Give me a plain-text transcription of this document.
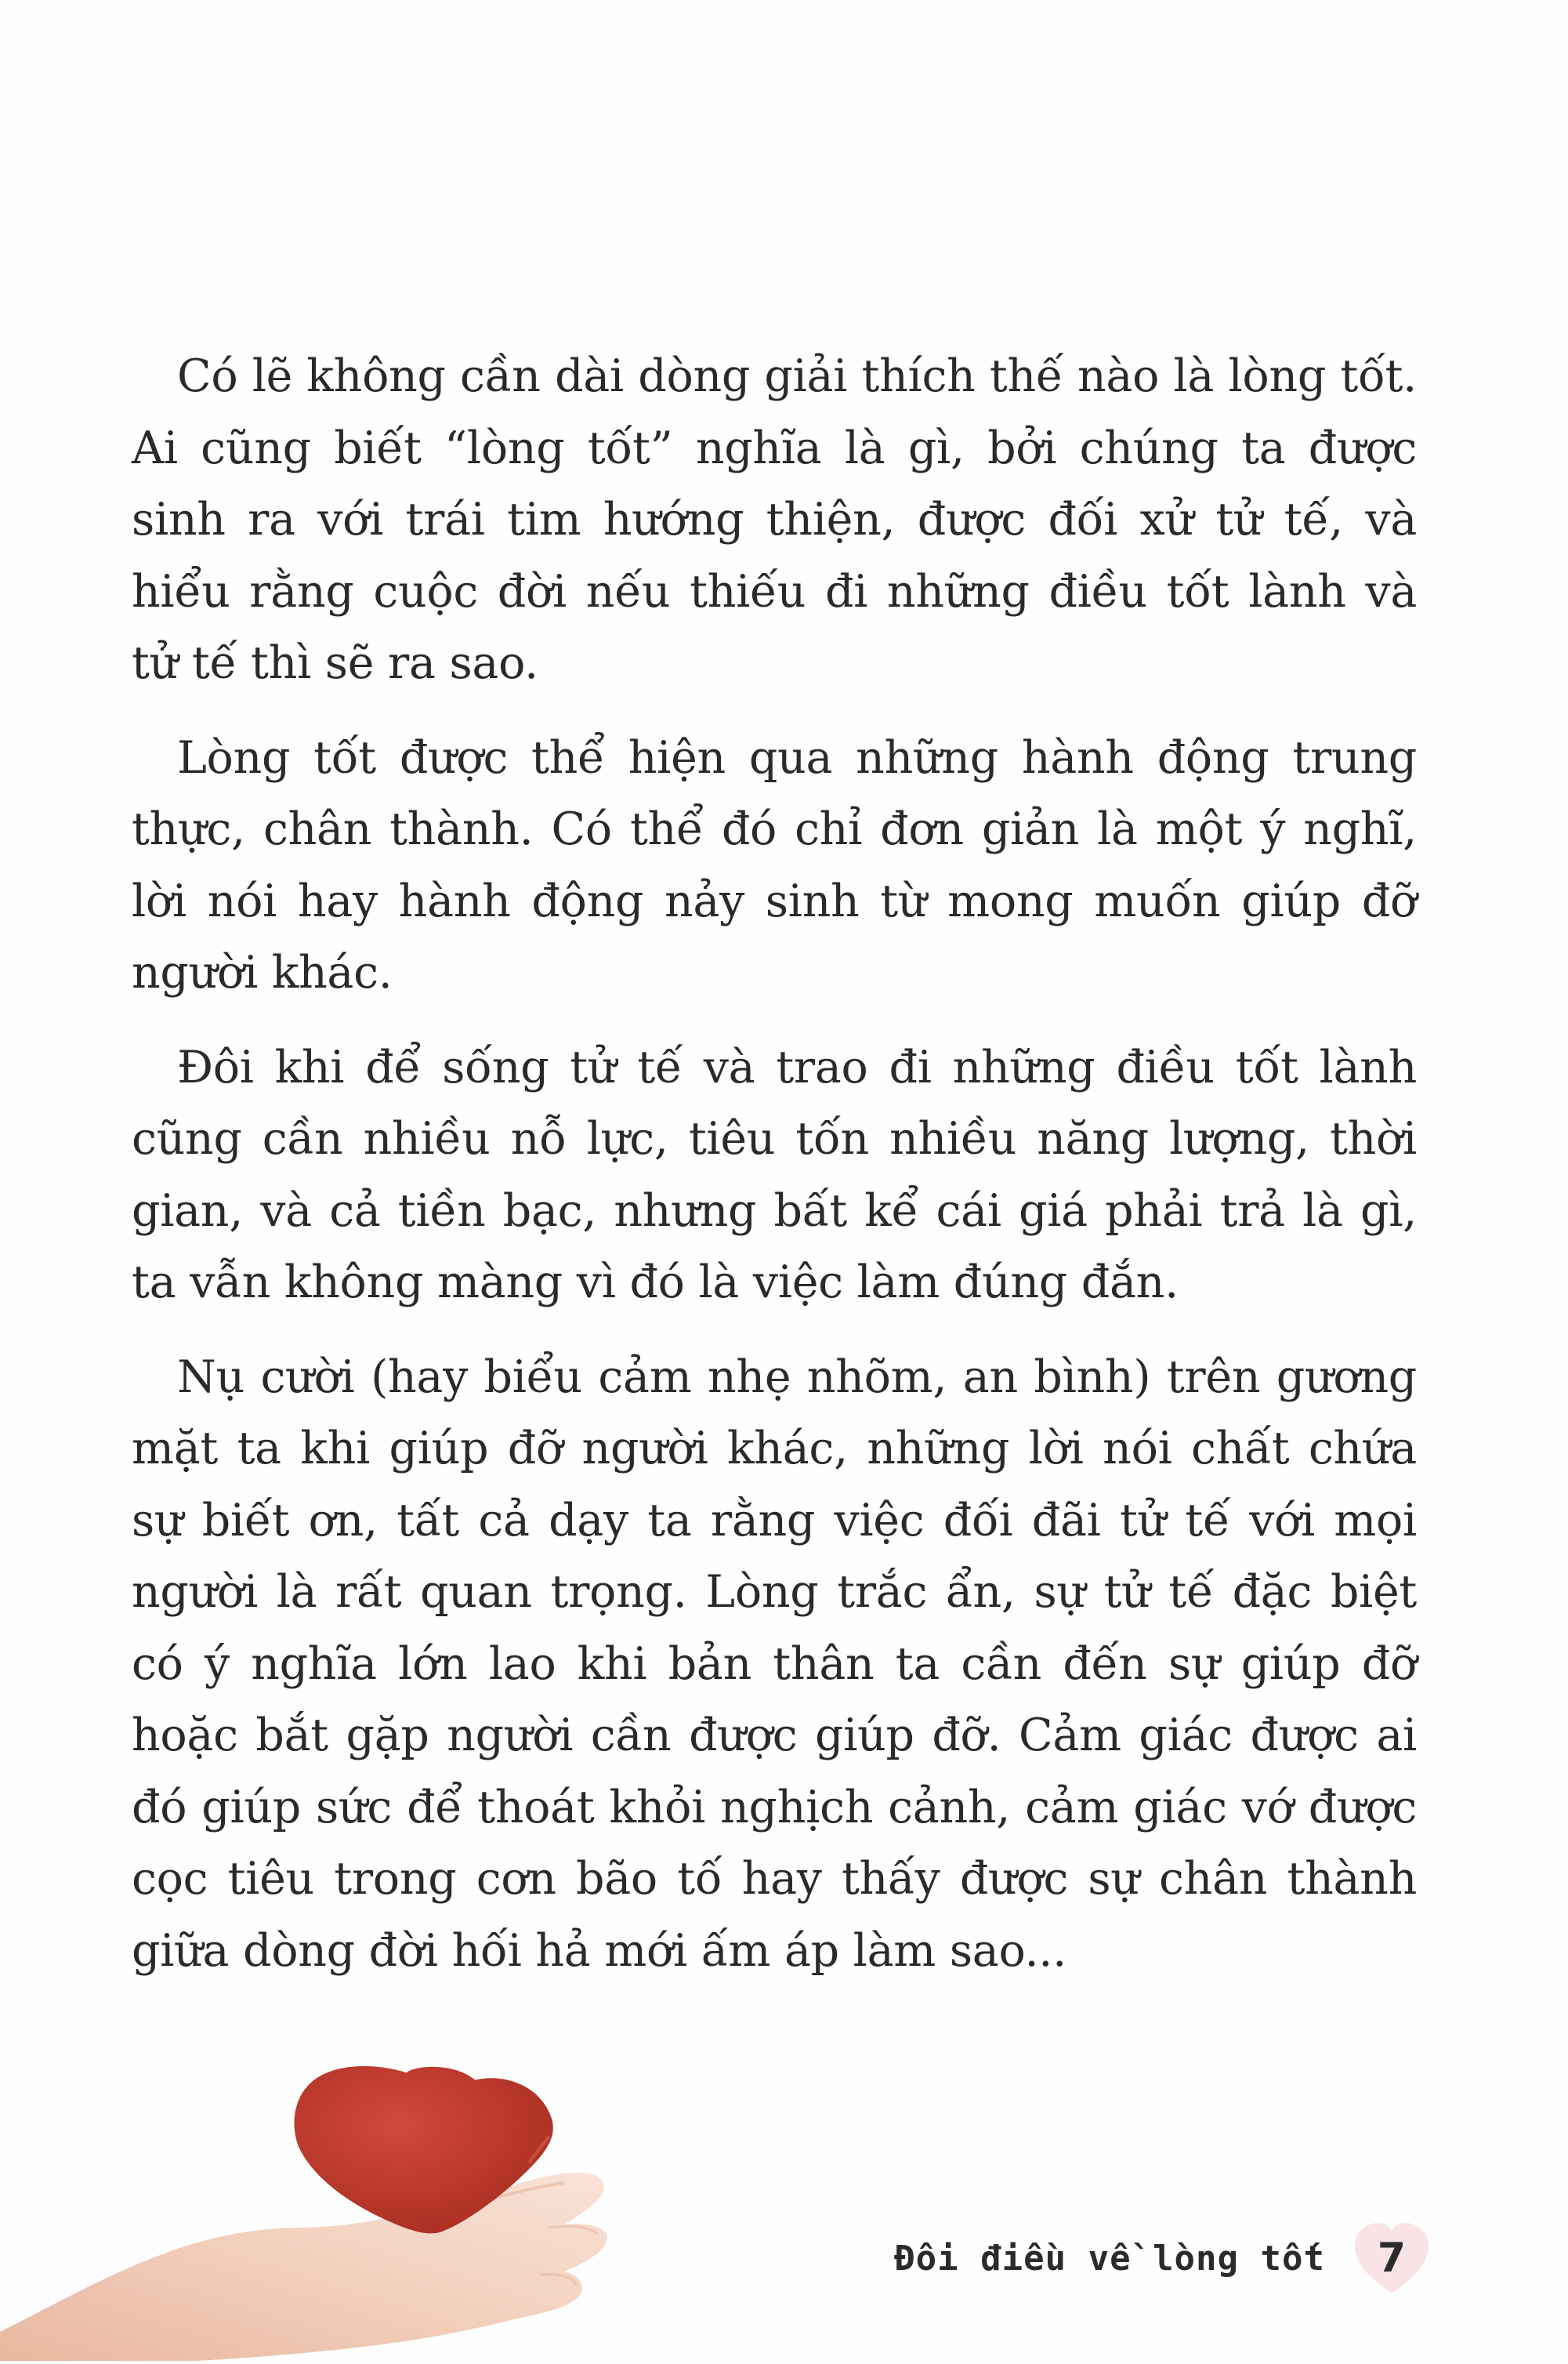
Có lẽ không cần dài dòng giải thích thế nào là lòng tốt. Ai cũng biết “lòng tốt” nghĩa là gì, bởi chúng ta được sinh ra với trái tim hướng thiện, được đối xử tử tế, và hiểu rằng cuộc đời nếu thiếu đi những điều tốt lành và tử tế thì sẽ ra sao.

Lòng tốt được thể hiện qua những hành động trung thực, chân thành. Có thể đó chỉ đơn giản là một ý nghĩ, lời nói hay hành động nảy sinh từ mong muốn giúp đỡ người khác.

Đôi khi để sống tử tế và trao đi những điều tốt lành cũng cần nhiều nỗ lực, tiêu tốn nhiều năng lượng, thời gian, và cả tiền bạc, nhưng bất kể cái giá phải trả là gì, ta vẫn không màng vì đó là việc làm đúng đắn.

Nụ cười (hay biểu cảm nhẹ nhõm, an bình) trên gương mặt ta khi giúp đỡ người khác, những lời nói chất chứa sự biết ơn, tất cả dạy ta rằng việc đối đãi tử tế với mọi người là rất quan trọng. Lòng trắc ẩn, sự tử tế đặc biệt có ý nghĩa lớn lao khi bản thân ta cần đến sự giúp đỡ hoặc bắt gặp người cần được giúp đỡ. Cảm giác được ai đó giúp sức để thoát khỏi nghịch cảnh, cảm giác vớ được cọc tiêu trong cơn bão tố hay thấy được sự chân thành giữa dòng đời hối hả mới ấm áp làm sao...

Đôi điều về lòng tốt 7
